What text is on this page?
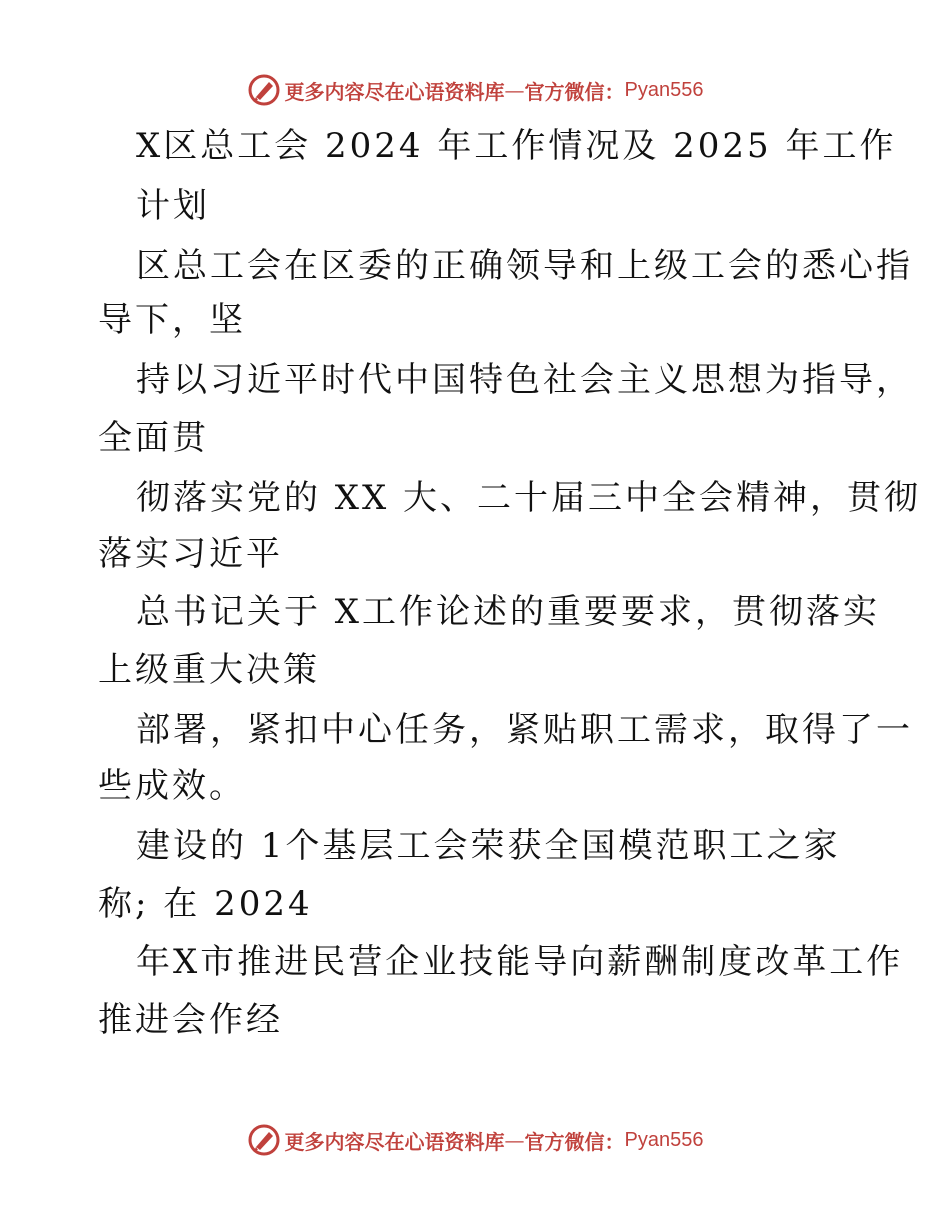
更多内容尽在心语资料库 — 官方微信： Pyan556
X区总工会 2024 年工作情况及 2025 年工作
计划
区总工会在区委的正确领导和上级工会的悉心指
导下，坚
持以习近平时代中国特色社会主义思想为指导，
全面贯
彻落实党的 XX 大、二十届三中全会精神，贯彻
落实习近平
总书记关于 X工作论述的重要要求，贯彻落实
上级重大决策
部署，紧扣中心任务，紧贴职工需求，取得了一
些成效。
建设的 1个基层工会荣获全国模范职工之家
称; 在 2024
年X市推进民营企业技能导向薪酬制度改革工作
推进会作经
更多内容尽在心语资料库 — 官方微信： Pyan556
